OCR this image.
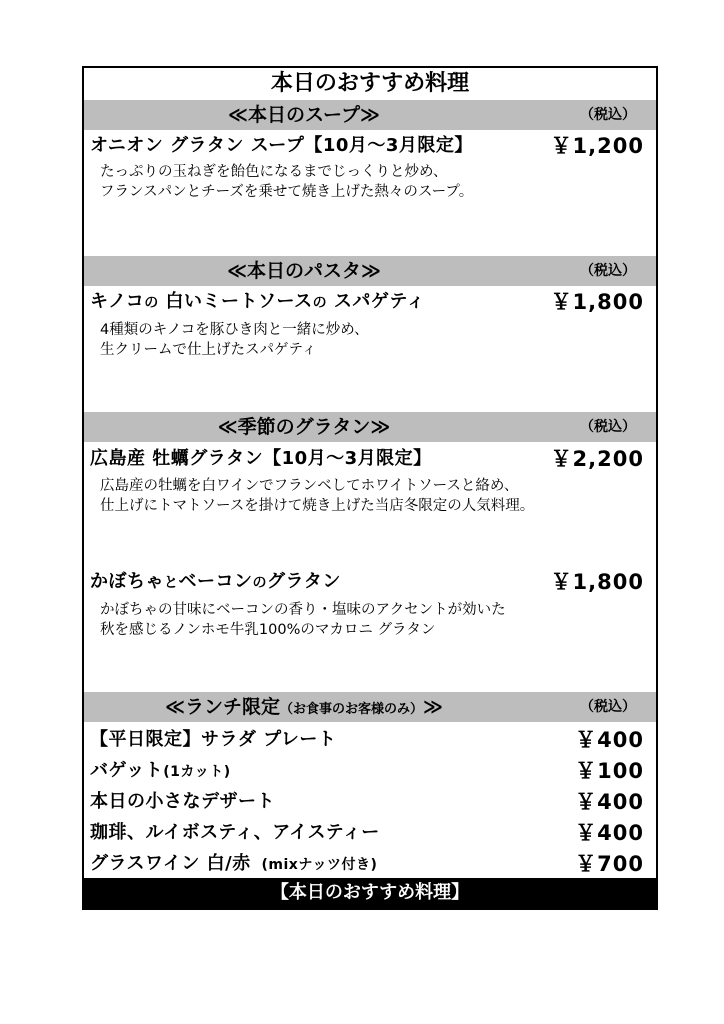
本日のおすすめ料理
≪本日のスープ≫	（税込）
オニオン グラタン スープ【10月～3月限定】	￥1,200
たっぷりの玉ねぎを飴色になるまでじっくりと炒め、
フランスパンとチーズを乗せて焼き上げた熱々のスープ。
≪本日のパスタ≫	（税込）
キノコの 白いミートソースの スパゲティ	￥1,800
4種類のキノコを豚ひき肉と一緒に炒め、
生クリームで仕上げたスパゲティ
≪季節のグラタン≫	（税込）
広島産 牡蠣グラタン【10月～3月限定】	￥2,200
広島産の牡蠣を白ワインでフランベしてホワイトソースと絡め、
仕上げにトマトソースを掛けて焼き上げた当店冬限定の人気料理。
かぼちゃとベーコンのグラタン	￥1,800
かぼちゃの甘味にベーコンの香り・塩味のアクセントが効いた
秋を感じるノンホモ牛乳100%のマカロニ グラタン
≪ランチ限定（お食事のお客様のみ）≫	（税込）
【平日限定】サラダ プレート	￥400
バゲット(1カット)	￥100
本日の小さなデザート	￥400
珈琲、ルイボスティ、アイスティー	￥400
グラスワイン 白/赤  (mixナッツ付き)	￥700
【本日のおすすめ料理】
